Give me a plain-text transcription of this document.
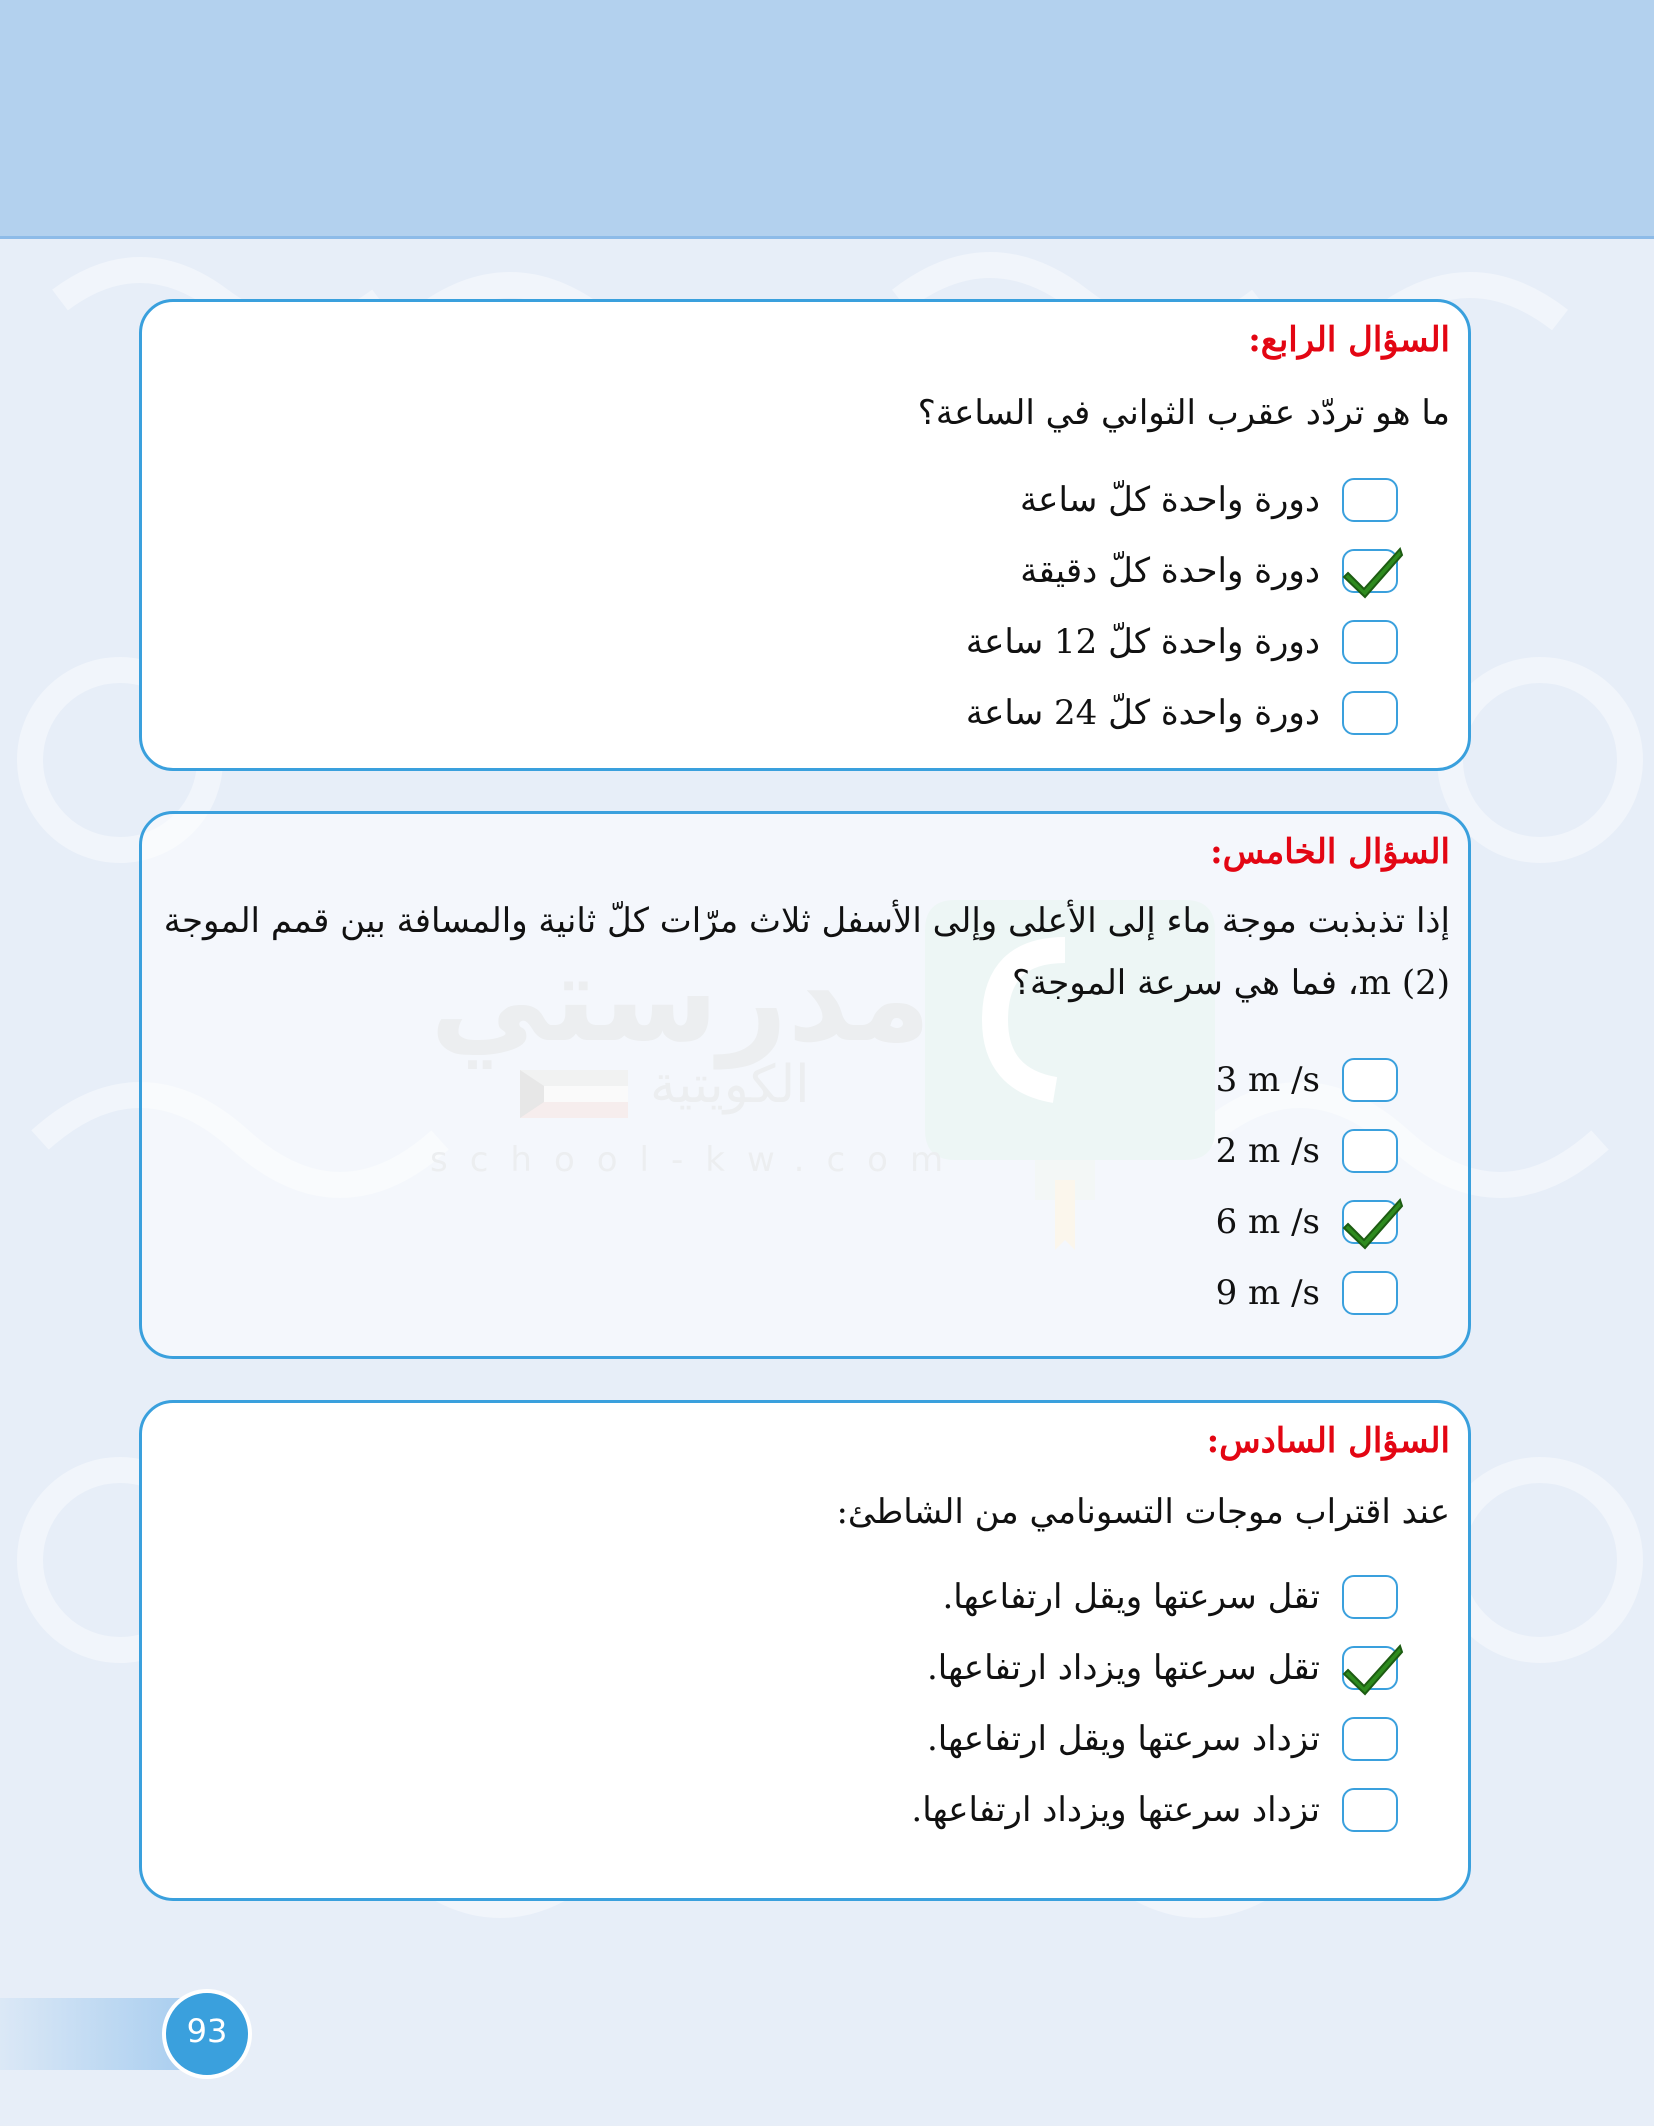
السؤال الرابع:
ما هو تردّد عقرب الثواني في الساعة؟
دورة واحدة كلّ ساعة
دورة واحدة كلّ دقيقة
دورة واحدة كلّ 12 ساعة
دورة واحدة كلّ 24 ساعة
السؤال الخامس:
إذا تذبذبت موجة ماء إلى الأعلى وإلى الأسفل ثلاث مرّات كلّ ثانية والمسافة بين قمم الموجة (2) m، فما هي سرعة الموجة؟
3 m /s
2 m /s
6 m /s
9 m /s
السؤال السادس:
عند اقتراب موجات التسونامي من الشاطئ:
تقل سرعتها ويقل ارتفاعها.
تقل سرعتها ويزداد ارتفاعها.
تزداد سرعتها ويقل ارتفاعها.
تزداد سرعتها ويزداد ارتفاعها.
93
